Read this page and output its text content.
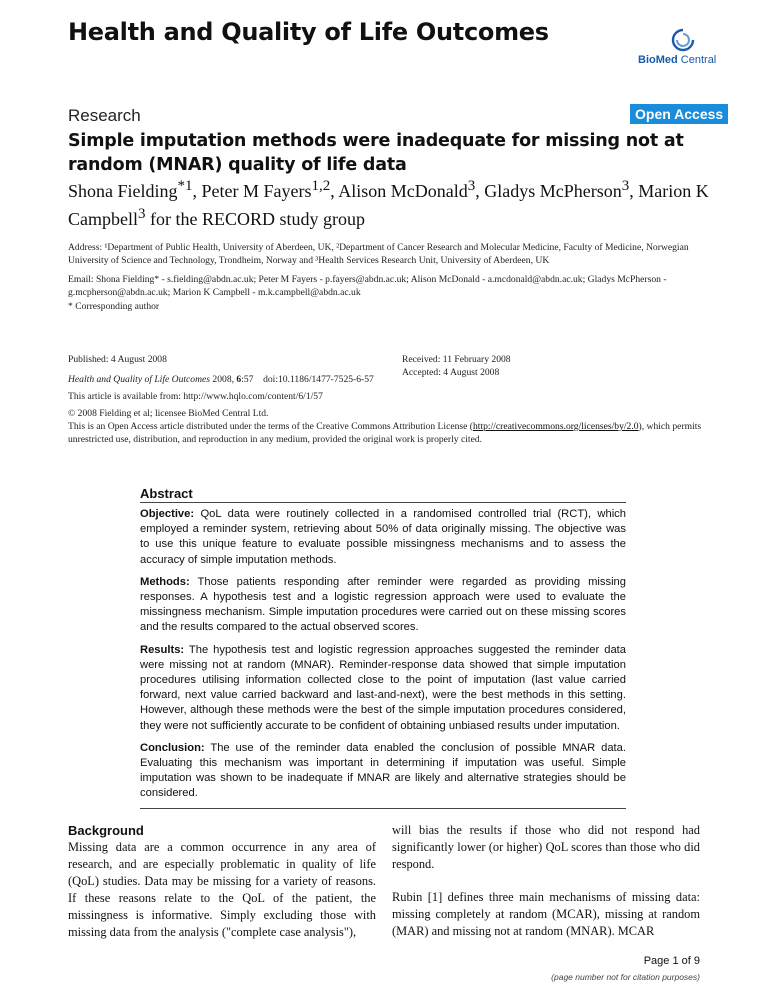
Health and Quality of Life Outcomes
BioMed Central
Research	Open Access
Simple imputation methods were inadequate for missing not at random (MNAR) quality of life data
Shona Fielding$^{*1}$, Peter M Fayers$^{1,2}$, Alison McDonald$^3$, Gladys McPherson$^3$, Marion K Campbell$^3$ for the RECORD study group
Address: ¹Department of Public Health, University of Aberdeen, UK, ²Department of Cancer Research and Molecular Medicine, Faculty of Medicine, Norwegian University of Science and Technology, Trondheim, Norway and ³Health Services Research Unit, University of Aberdeen, UK
Email: Shona Fielding* - s.fielding@abdn.ac.uk; Peter M Fayers - p.fayers@abdn.ac.uk; Alison McDonald - a.mcdonald@abdn.ac.uk; Gladys McPherson - g.mcpherson@abdn.ac.uk; Marion K Campbell - m.k.campbell@abdn.ac.uk
* Corresponding author
Published: 4 August 2008
Health and Quality of Life Outcomes 2008, 6:57    doi:10.1186/1477-7525-6-57
This article is available from: http://www.hqlo.com/content/6/1/57
Received: 11 February 2008
Accepted: 4 August 2008
© 2008 Fielding et al; licensee BioMed Central Ltd.
This is an Open Access article distributed under the terms of the Creative Commons Attribution License (http://creativecommons.org/licenses/by/2.0), which permits unrestricted use, distribution, and reproduction in any medium, provided the original work is properly cited.
Abstract
Objective: QoL data were routinely collected in a randomised controlled trial (RCT), which employed a reminder system, retrieving about 50% of data originally missing. The objective was to use this unique feature to evaluate possible missingness mechanisms and to assess the accuracy of simple imputation methods.
Methods: Those patients responding after reminder were regarded as providing missing responses. A hypothesis test and a logistic regression approach were used to evaluate the missingness mechanism. Simple imputation procedures were carried out on these missing scores and the results compared to the actual observed scores.
Results: The hypothesis test and logistic regression approaches suggested the reminder data were missing not at random (MNAR). Reminder-response data showed that simple imputation procedures utilising information collected close to the point of imputation (last value carried forward, next value carried backward and last-and-next), were the best methods in this setting. However, although these methods were the best of the simple imputation procedures considered, they were not sufficiently accurate to be confident of obtaining unbiased results under imputation.
Conclusion: The use of the reminder data enabled the conclusion of possible MNAR data. Evaluating this mechanism was important in determining if imputation was useful. Simple imputation was shown to be inadequate if MNAR are likely and alternative strategies should be considered.
Background

Missing data are a common occurrence in any area of research, and are especially problematic in quality of life (QoL) studies. Data may be missing for a variety of reasons. If these reasons relate to the QoL of the patient, the missingness is informative. Simply excluding those with missing data from the analysis ("complete case analysis"),

will bias the results if those who did not respond had significantly lower (or higher) QoL scores than those who did respond.

Rubin [1] defines three main mechanisms of missing data: missing completely at random (MCAR), missing at random (MAR) and missing not at random (MNAR). MCAR

Page 1 of 9
(page number not for citation purposes)
